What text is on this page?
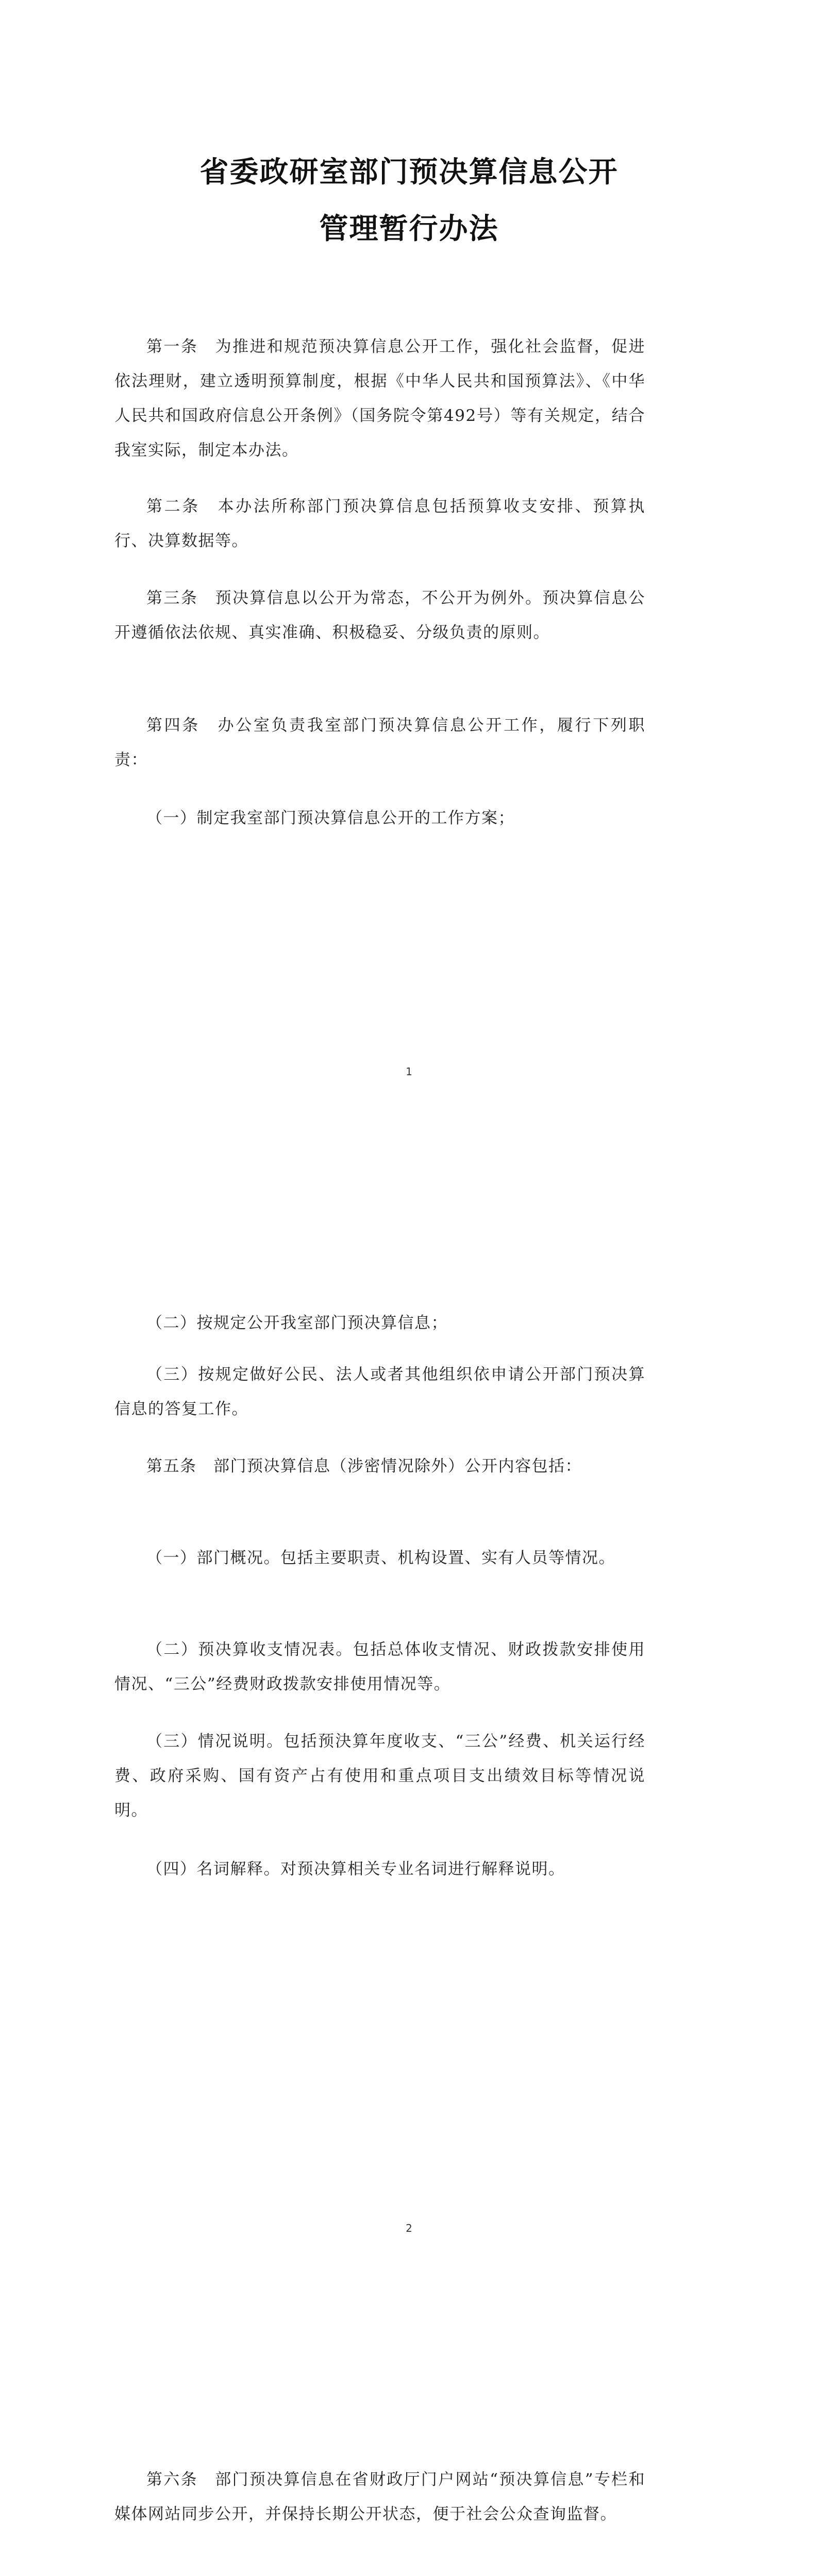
省委政研室部门预决算信息公开
管理暂行办法

第一条　为推进和规范预决算信息公开工作，强化社会监督，促进依法理财，建立透明预算制度，根据《中华人民共和国预算法》、《中华人民共和国政府信息公开条例》（国务院令第492号）等有关规定，结合我室实际，制定本办法。

第二条　本办法所称部门预决算信息包括预算收支安排、预算执行、决算数据等。

第三条　预决算信息以公开为常态，不公开为例外。预决算信息公开遵循依法依规、真实准确、积极稳妥、分级负责的原则。

第四条　办公室负责我室部门预决算信息公开工作，履行下列职责：

（一）制定我室部门预决算信息公开的工作方案；

1

（二）按规定公开我室部门预决算信息；

（三）按规定做好公民、法人或者其他组织依申请公开部门预决算信息的答复工作。

第五条　部门预决算信息（涉密情况除外）公开内容包括：

（一）部门概况。包括主要职责、机构设置、实有人员等情况。

（二）预决算收支情况表。包括总体收支情况、财政拨款安排使用情况、“三公”经费财政拨款安排使用情况等。

（三）情况说明。包括预決算年度收支、“三公”经费、机关运行经费、政府采购、国有资产占有使用和重点项目支出绩效目标等情况说明。

（四）名词解释。对预决算相关专业名词进行解释说明。

2

第六条　部门预决算信息在省财政厅门户网站“预决算信息”专栏和媒体网站同步公开，并保持长期公开状态，便于社会公众查询监督。
